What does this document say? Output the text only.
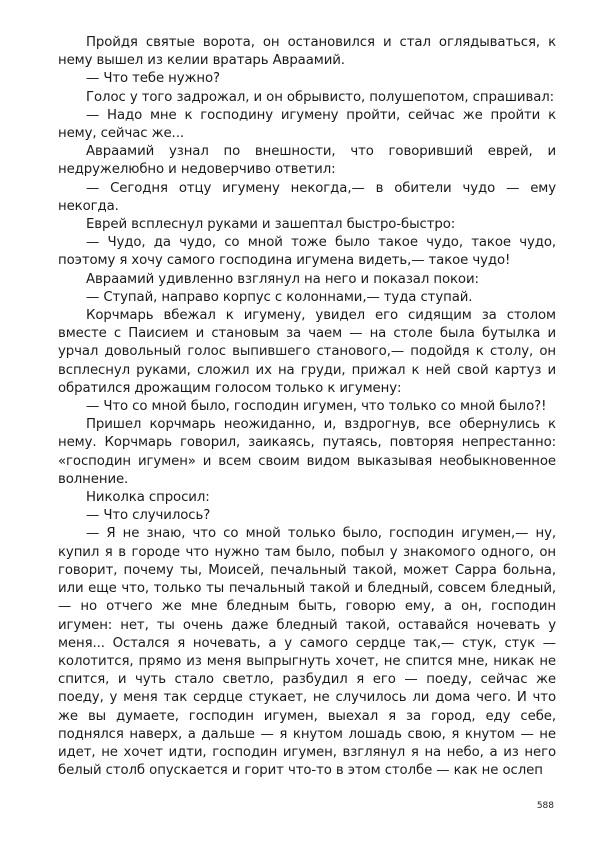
Пройдя святые ворота, он остановился и стал оглядываться, к нему вышел из келии вратарь Авраамий.

— Что тебе нужно?

Голос у того задрожал, и он обрывисто, полушепотом, спрашивал:

— Надо мне к господину игумену пройти, сейчас же пройти к нему, сейчас же...

Авраамий узнал по внешности, что говоривший еврей, и недружелюбно и недоверчиво ответил:

— Сегодня отцу игумену некогда,— в обители чудо — ему некогда.

Еврей всплеснул руками и зашептал быстро-быстро:

— Чудо, да чудо, со мной тоже было такое чудо, такое чудо, поэтому я хочу самого господина игумена видеть,— такое чудо!

Авраамий удивленно взглянул на него и показал покои:

— Ступай, направо корпус с колоннами,— туда ступай.

Корчмарь вбежал к игумену, увидел его сидящим за столом вместе с Паисием и становым за чаем — на столе была бутылка и урчал довольный голос выпившего станового,— подойдя к столу, он всплеснул руками, сложил их на груди, прижал к ней свой картуз и обратился дрожащим голосом только к игумену:

— Что со мной было, господин игумен, что только со мной было?!

Пришел корчмарь неожиданно, и, вздрогнув, все обернулись к нему. Корчмарь говорил, заикаясь, путаясь, повторяя непрестанно: «господин игумен» и всем своим видом выказывая необыкновенное волнение.

Николка спросил:

— Что случилось?

— Я не знаю, что со мной только было, господин игумен,— ну, купил я в городе что нужно там было, побыл у знакомого одного, он говорит, почему ты, Моисей, печальный такой, может Сарра больна, или еще что, только ты печальный такой и бледный, совсем бледный, — но отчего же мне бледным быть, говорю ему, а он, господин игумен: нет, ты очень даже бледный такой, оставайся ночевать у меня... Остался я ночевать, а у самого сердце так,— стук, стук — колотится, прямо из меня выпрыгнуть хочет, не спится мне, никак не спится, и чуть стало светло, разбудил я его — поеду, сейчас же поеду, у меня так сердце стукает, не случилось ли дома чего. И что же вы думаете, господин игумен, выехал я за город, еду себе, поднялся наверх, а дальше — я кнутом лошадь свою, я кнутом — не идет, не хочет идти, господин игумен, взглянул я на небо, а из него белый столб опускается и горит что-то в этом столбе — как не ослеп

588
